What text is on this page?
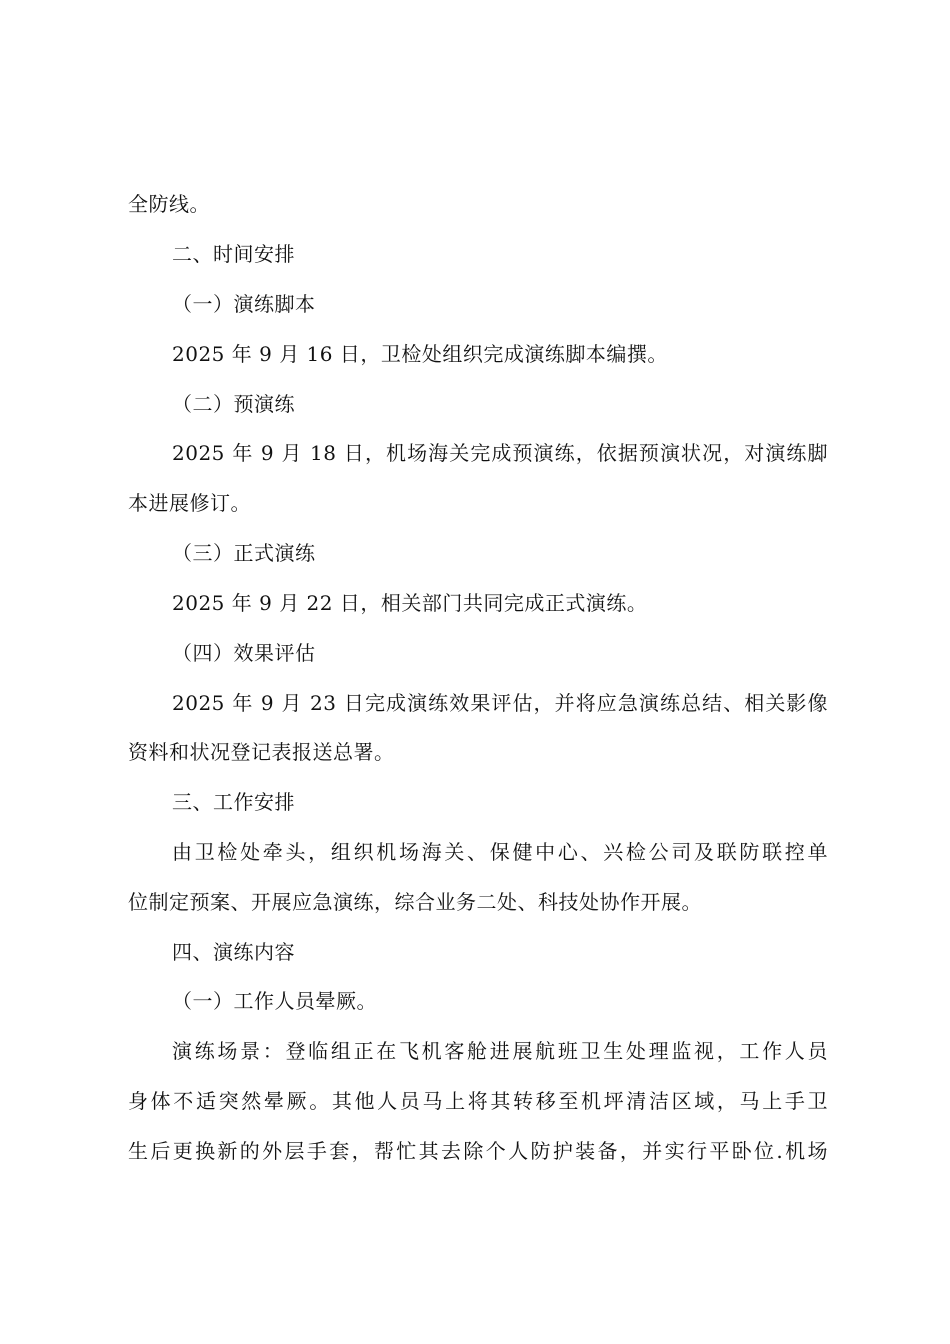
全防线。
二、时间安排
（一）演练脚本
2025 年 9 月 16 日，卫检处组织完成演练脚本编撰。
（二）预演练
2025 年 9 月 18 日，机场海关完成预演练，依据预演状况，对演练脚
本进展修订。
（三）正式演练
2025 年 9 月 22 日，相关部门共同完成正式演练。
（四）效果评估
2025 年 9 月 23 日完成演练效果评估，并将应急演练总结、相关影像
资料和状况登记表报送总署。
三、工作安排
由卫检处牵头，组织机场海关、保健中心、兴检公司及联防联控单
位制定预案、开展应急演练，综合业务二处、科技处协作开展。
四、演练内容
（一）工作人员晕厥。
演练场景：登临组正在飞机客舱进展航班卫生处理监视，工作人员
身体不适突然晕厥。其他人员马上将其转移至机坪清洁区域，马上手卫
生后更换新的外层手套，帮忙其去除个人防护装备，并实行平卧位.机场
